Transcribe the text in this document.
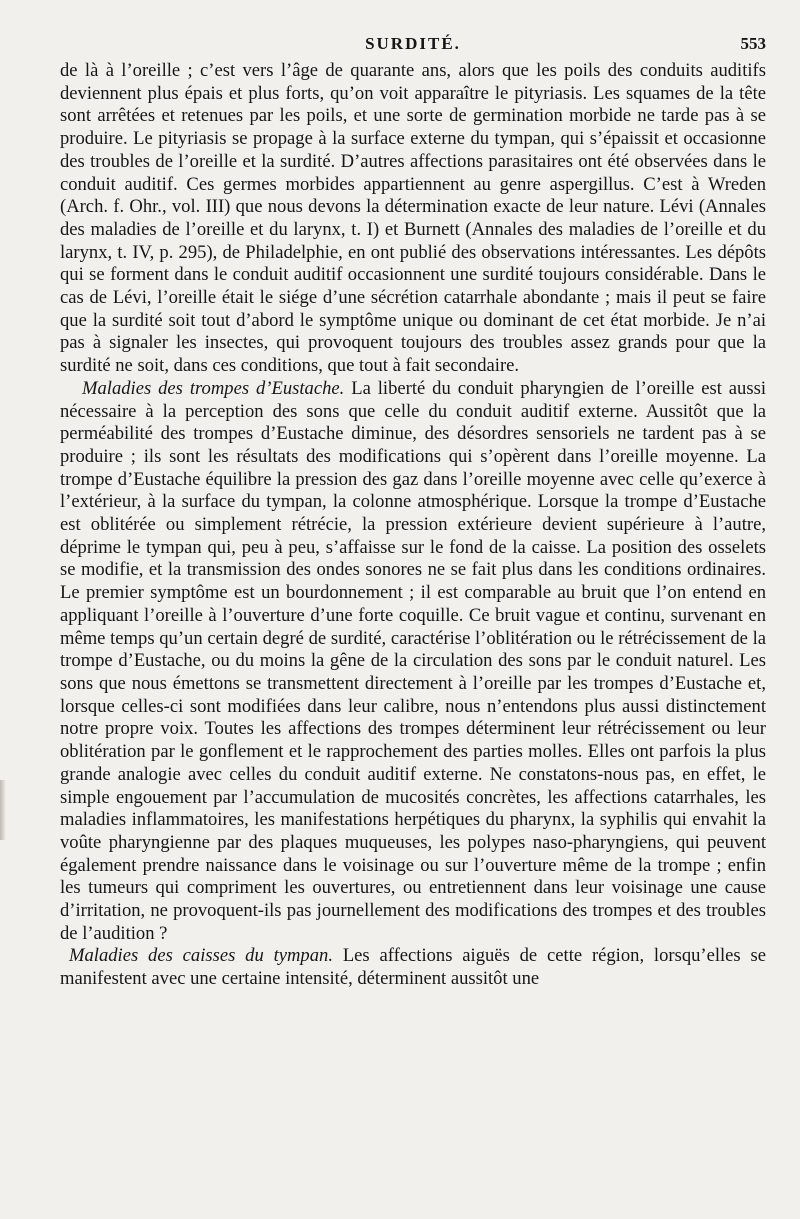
SURDITÉ.	553

de là à l’oreille ; c’est vers l’âge de quarante ans, alors que les poils des conduits auditifs deviennent plus épais et plus forts, qu’on voit apparaître le pityriasis. Les squames de la tête sont arrêtées et retenues par les poils, et une sorte de germination morbide ne tarde pas à se produire. Le pityriasis se propage à la surface externe du tympan, qui s’épaissit et occasionne des troubles de l’oreille et la surdité. D’autres affections parasitaires ont été observées dans le conduit auditif. Ces germes morbides appartiennent au genre aspergillus. C’est à Wreden (Arch. f. Ohr., vol. III) que nous devons la détermination exacte de leur nature. Lévi (Annales des maladies de l’oreille et du larynx, t. I) et Burnett (Annales des maladies de l’oreille et du larynx, t. IV, p. 295), de Philadelphie, en ont publié des observations intéressantes. Les dépôts qui se forment dans le conduit auditif occasionnent une surdité toujours considérable. Dans le cas de Lévi, l’oreille était le siége d’une sécrétion catarrhale abondante ; mais il peut se faire que la surdité soit tout d’abord le symptôme unique ou dominant de cet état morbide. Je n’ai pas à signaler les insectes, qui provoquent toujours des troubles assez grands pour que la surdité ne soit, dans ces conditions, que tout à fait secondaire.

Maladies des trompes d’Eustache. La liberté du conduit pharyngien de l’oreille est aussi nécessaire à la perception des sons que celle du conduit auditif externe. Aussitôt que la perméabilité des trompes d’Eustache diminue, des désordres sensoriels ne tardent pas à se produire ; ils sont les résultats des modifications qui s’opèrent dans l’oreille moyenne. La trompe d’Eustache équilibre la pression des gaz dans l’oreille moyenne avec celle qu’exerce à l’extérieur, à la surface du tympan, la colonne atmosphérique. Lorsque la trompe d’Eustache est oblitérée ou simplement rétrécie, la pression extérieure devient supérieure à l’autre, déprime le tympan qui, peu à peu, s’affaisse sur le fond de la caisse. La position des osselets se modifie, et la transmission des ondes sonores ne se fait plus dans les conditions ordinaires. Le premier symptôme est un bourdonnement ; il est comparable au bruit que l’on entend en appliquant l’oreille à l’ouverture d’une forte coquille. Ce bruit vague et continu, survenant en même temps qu’un certain degré de surdité, caractérise l’oblitération ou le rétrécissement de la trompe d’Eustache, ou du moins la gêne de la circulation des sons par le conduit naturel. Les sons que nous émettons se transmettent directement à l’oreille par les trompes d’Eustache et, lorsque celles-ci sont modifiées dans leur calibre, nous n’entendons plus aussi distinctement notre propre voix. Toutes les affections des trompes déterminent leur rétrécissement ou leur oblitération par le gonflement et le rapprochement des parties molles. Elles ont parfois la plus grande analogie avec celles du conduit auditif externe. Ne constatons-nous pas, en effet, le simple engouement par l’accumulation de mucosités concrètes, les affections catarrhales, les maladies inflammatoires, les manifestations herpétiques du pharynx, la syphilis qui envahit la voûte pharyngienne par des plaques muqueuses, les polypes naso-pharyngiens, qui peuvent également prendre naissance dans le voisinage ou sur l’ouverture même de la trompe ; enfin les tumeurs qui compriment les ouvertures, ou entretiennent dans leur voisinage une cause d’irritation, ne provoquent-ils pas journellement des modifications des trompes et des troubles de l’audition ?

Maladies des caisses du tympan. Les affections aiguës de cette région, lorsqu’elles se manifestent avec une certaine intensité, déterminent aussitôt une
